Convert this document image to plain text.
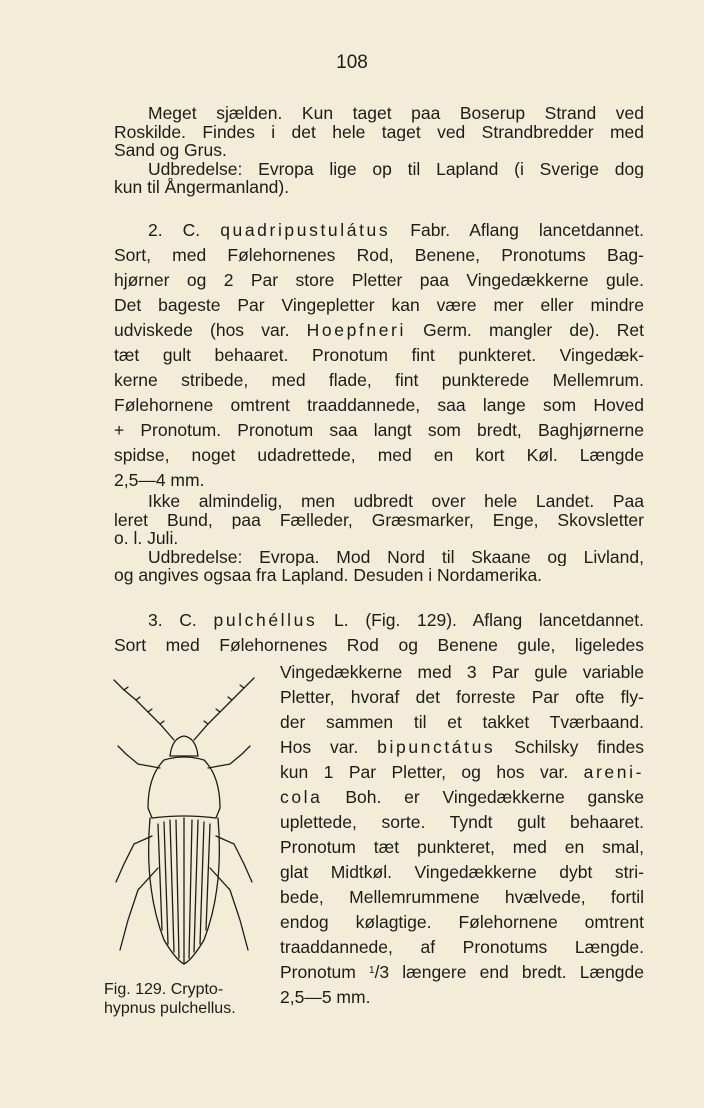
108
Meget sjælden. Kun taget paa Boserup Strand ved
Roskilde. Findes i det hele taget ved Strandbredder med
Sand og Grus.
Udbredelse: Evropa lige op til Lapland (i Sverige dog
kun til Ångermanland).
2. C. quadripustulátus Fabr. Aflang lancetdannet.
Sort, med Følehornenes Rod, Benene, Pronotums Bag-
hjørner og 2 Par store Pletter paa Vingedækkerne gule.
Det bageste Par Vingepletter kan være mer eller mindre
udviskede (hos var. Hoepfneri Germ. mangler de). Ret
tæt gult behaaret. Pronotum fint punkteret. Vingedæk-
kerne stribede, med flade, fint punkterede Mellemrum.
Følehornene omtrent traaddannede, saa lange som Hoved
+ Pronotum. Pronotum saa langt som bredt, Baghjørnerne
spidse, noget udadrettede, med en kort Køl. Længde
2,5—4 mm.
Ikke almindelig, men udbredt over hele Landet. Paa
leret Bund, paa Fælleder, Græsmarker, Enge, Skovsletter
o. l. Juli.
Udbredelse: Evropa. Mod Nord til Skaane og Livland,
og angives ogsaa fra Lapland. Desuden i Nordamerika.
3. C. pulchéllus L. (Fig. 129). Aflang lancetdannet.
Sort med Følehornenes Rod og Benene gule, ligeledes
Vingedækkerne med 3 Par gule variable
Pletter, hvoraf det forreste Par ofte fly-
der sammen til et takket Tværbaand.
Hos var. bipunctátus Schilsky findes
kun 1 Par Pletter, og hos var. areni-
cola Boh. er Vingedækkerne ganske
uplettede, sorte. Tyndt gult behaaret.
Pronotum tæt punkteret, med en smal,
glat Midtkøl. Vingedækkerne dybt stri-
bede, Mellemrummene hvælvede, fortil
endog kølagtige. Følehornene omtrent
traaddannede, af Pronotums Længde.
Pronotum $^1$/3 længere end bredt. Længde
2,5—5 mm.
Fig. 129. Crypto-
hypnus pulchellus.
